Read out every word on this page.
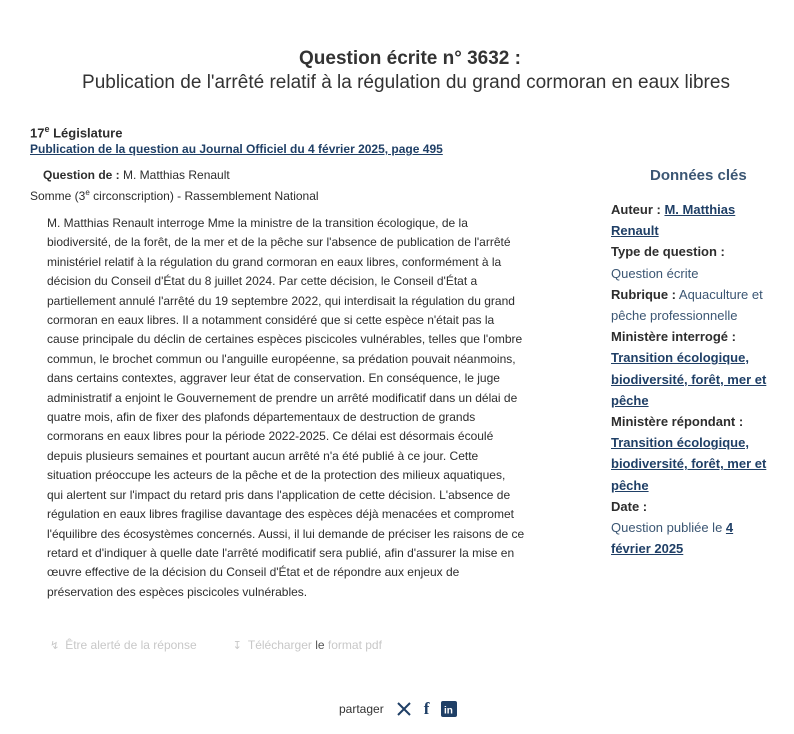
Question écrite n° 3632 :
Publication de l'arrêté relatif à la régulation du grand cormoran en eaux libres
17e Législature
Publication de la question au Journal Officiel du 4 février 2025, page 495
Question de : M. Matthias Renault
Somme (3e circonscription) - Rassemblement National
M. Matthias Renault interroge Mme la ministre de la transition écologique, de la
biodiversité, de la forêt, de la mer et de la pêche sur l'absence de publication de l'arrêté
ministériel relatif à la régulation du grand cormoran en eaux libres, conformément à la
décision du Conseil d'État du 8 juillet 2024. Par cette décision, le Conseil d'État a
partiellement annulé l'arrêté du 19 septembre 2022, qui interdisait la régulation du grand
cormoran en eaux libres. Il a notamment considéré que si cette espèce n'était pas la
cause principale du déclin de certaines espèces piscicoles vulnérables, telles que l'ombre
commun, le brochet commun ou l'anguille européenne, sa prédation pouvait néanmoins,
dans certains contextes, aggraver leur état de conservation. En conséquence, le juge
administratif a enjoint le Gouvernement de prendre un arrêté modificatif dans un délai de
quatre mois, afin de fixer des plafonds départementaux de destruction de grands
cormorans en eaux libres pour la période 2022-2025. Ce délai est désormais écoulé
depuis plusieurs semaines et pourtant aucun arrêté n'a été publié à ce jour. Cette
situation préoccupe les acteurs de la pêche et de la protection des milieux aquatiques,
qui alertent sur l'impact du retard pris dans l'application de cette décision. L'absence de
régulation en eaux libres fragilise davantage des espèces déjà menacées et compromet
l'équilibre des écosystèmes concernés. Aussi, il lui demande de préciser les raisons de ce
retard et d'indiquer à quelle date l'arrêté modificatif sera publié, afin d'assurer la mise en
œuvre effective de la décision du Conseil d'État et de répondre aux enjeux de
préservation des espèces piscicoles vulnérables.
↯ Être alerté de la réponse	↧ Télécharger le format pdf
Données clés
Auteur : M. Matthias
Renault
Type de question :
Question écrite
Rubrique : Aquaculture et
pêche professionnelle
Ministère interrogé :
Transition écologique,
biodiversité, forêt, mer et
pêche
Ministère répondant :
Transition écologique,
biodiversité, forêt, mer et
pêche
Date :
Question publiée le 4
février 2025
partager f in
